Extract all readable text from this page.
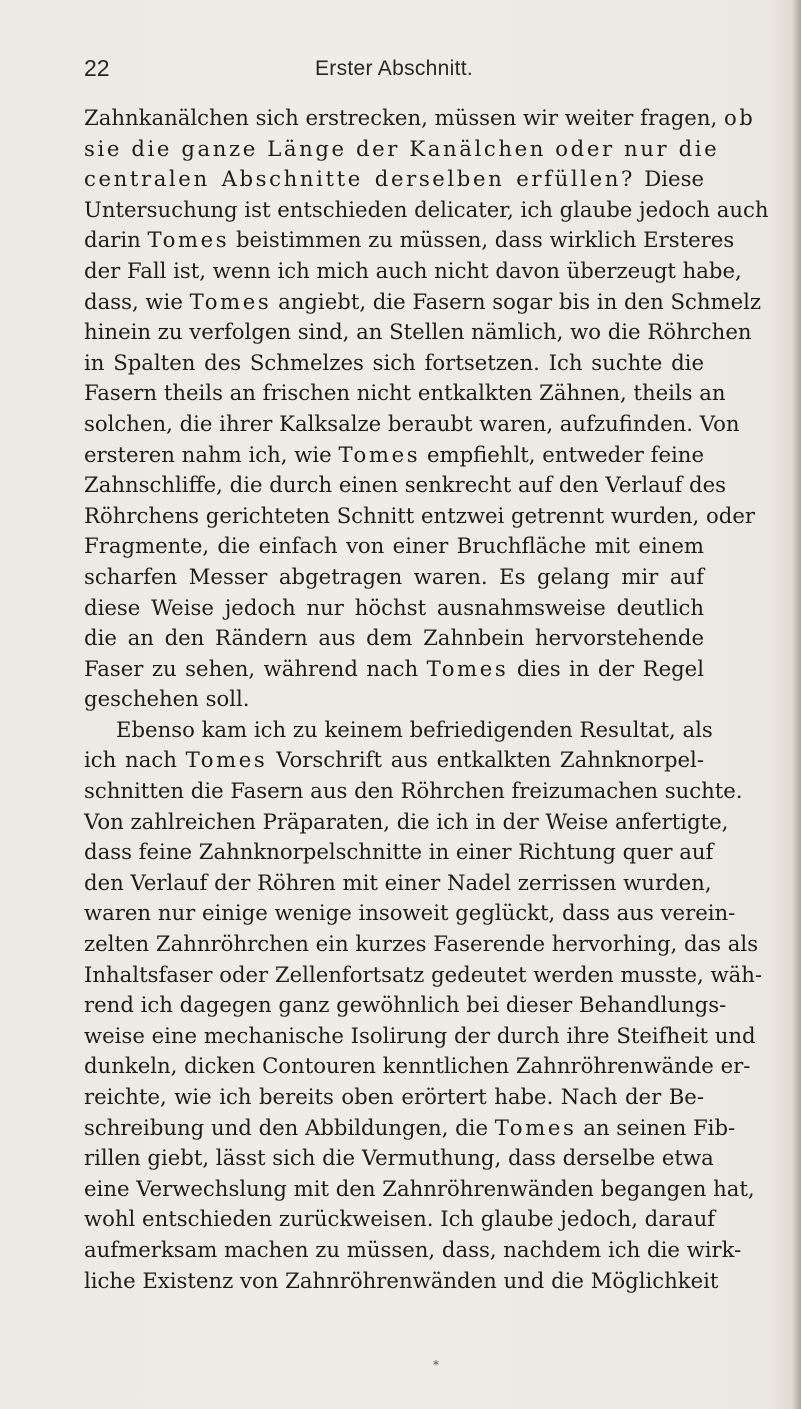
22	Erster Abschnitt.
Zahnkanälchen sich erstrecken, müssen wir weiter fragen, ob
sie die ganze Länge der Kanälchen oder nur die
centralen Abschnitte derselben erfüllen? Diese
Untersuchung ist entschieden delicater, ich glaube jedoch auch
darin Tomes beistimmen zu müssen, dass wirklich Ersteres
der Fall ist, wenn ich mich auch nicht davon überzeugt habe,
dass, wie Tomes angiebt, die Fasern sogar bis in den Schmelz
hinein zu verfolgen sind, an Stellen nämlich, wo die Röhrchen
in Spalten des Schmelzes sich fortsetzen. Ich suchte die
Fasern theils an frischen nicht entkalkten Zähnen, theils an
solchen, die ihrer Kalksalze beraubt waren, aufzufinden. Von
ersteren nahm ich, wie Tomes empfiehlt, entweder feine
Zahnschliffe, die durch einen senkrecht auf den Verlauf des
Röhrchens gerichteten Schnitt entzwei getrennt wurden, oder
Fragmente, die einfach von einer Bruchfläche mit einem
scharfen Messer abgetragen waren. Es gelang mir auf
diese Weise jedoch nur höchst ausnahmsweise deutlich
die an den Rändern aus dem Zahnbein hervorstehende
Faser zu sehen, während nach Tomes dies in der Regel
geschehen soll.
Ebenso kam ich zu keinem befriedigenden Resultat, als
ich nach Tomes Vorschrift aus entkalkten Zahnknorpel-
schnitten die Fasern aus den Röhrchen freizumachen suchte.
Von zahlreichen Präparaten, die ich in der Weise anfertigte,
dass feine Zahnknorpelschnitte in einer Richtung quer auf
den Verlauf der Röhren mit einer Nadel zerrissen wurden,
waren nur einige wenige insoweit geglückt, dass aus verein-
zelten Zahnröhrchen ein kurzes Faserende hervorhing, das als
Inhaltsfaser oder Zellenfortsatz gedeutet werden musste, wäh-
rend ich dagegen ganz gewöhnlich bei dieser Behandlungs-
weise eine mechanische Isolirung der durch ihre Steifheit und
dunkeln, dicken Contouren kenntlichen Zahnröhrenwände er-
reichte, wie ich bereits oben erörtert habe. Nach der Be-
schreibung und den Abbildungen, die Tomes an seinen Fib-
rillen giebt, lässt sich die Vermuthung, dass derselbe etwa
eine Verwechslung mit den Zahnröhrenwänden begangen hat,
wohl entschieden zurückweisen. Ich glaube jedoch, darauf
aufmerksam machen zu müssen, dass, nachdem ich die wirk-
liche Existenz von Zahnröhrenwänden und die Möglichkeit
*
